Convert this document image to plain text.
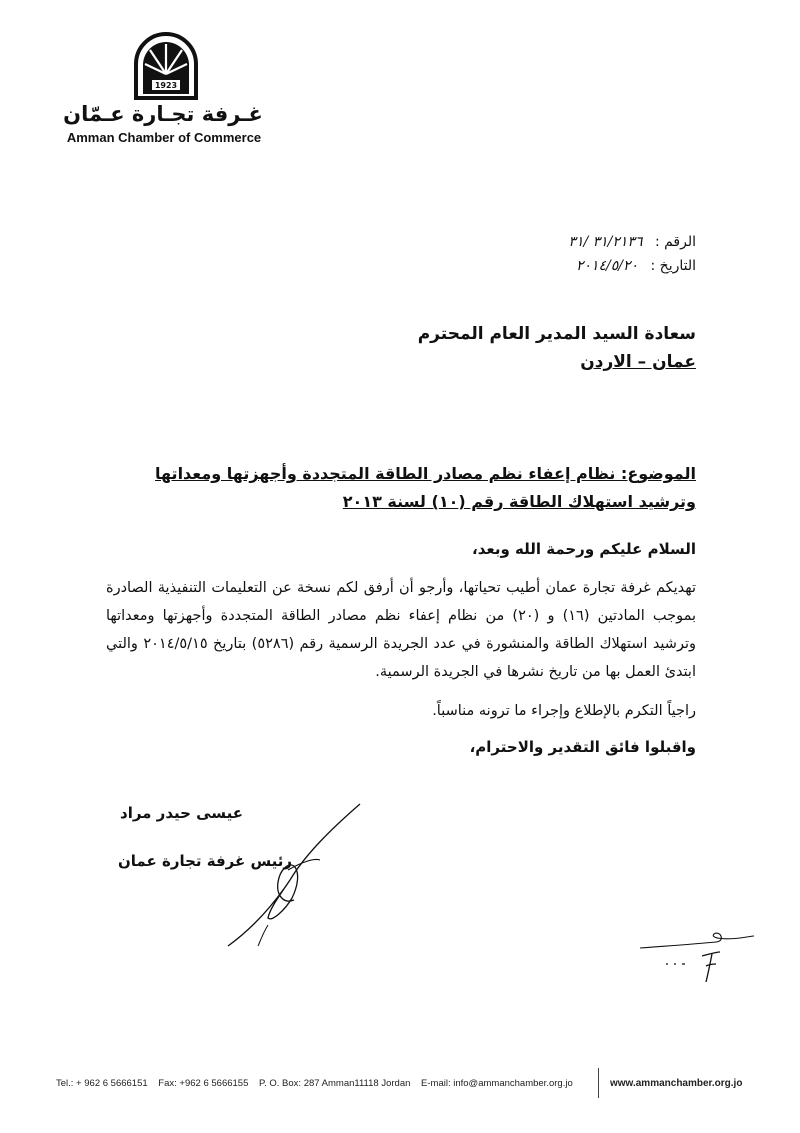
1923
غـرفة تجـارة عـمّان
Amman Chamber of Commerce
الرقم : ٣١/٢١٣٦ /٣١
التاريخ : ٢٠١٤/٥/٢٠
سعادة السيد المدير العام المحترم
عمان – الاردن
الموضوع: نظام إعفاء نظم مصادر الطاقة المتجددة وأجهزتها ومعداتها وترشيد استهلاك الطاقة رقم (١٠) لسنة ٢٠١٣
السلام عليكم ورحمة الله وبعد،
تهديكم غرفة تجارة عمان أطيب تحياتها، وأرجو أن أرفق لكم نسخة عن التعليمات التنفيذية الصادرة بموجب المادتين (١٦) و (٢٠) من نظام إعفاء نظم مصادر الطاقة المتجددة وأجهزتها ومعداتها وترشيد استهلاك الطاقة والمنشورة في عدد الجريدة الرسمية رقم (٥٢٨٦) بتاريخ ٢٠١٤/٥/١٥ والتي ابتدئ العمل بها من تاريخ نشرها في الجريدة الرسمية.
راجياً التكرم بالإطلاع وإجراء ما ترونه مناسباً.
واقبلوا فائق التقدير والاحترام،
عيسى حيدر مراد
رئيس غرفة تجارة عمان
Tel.: + 962 6 5666151 Fax: +962 6 5666155 P. O. Box: 287 Amman11118 Jordan E-mail: info@ammanchamber.org.jo	www.ammanchamber.org.jo
